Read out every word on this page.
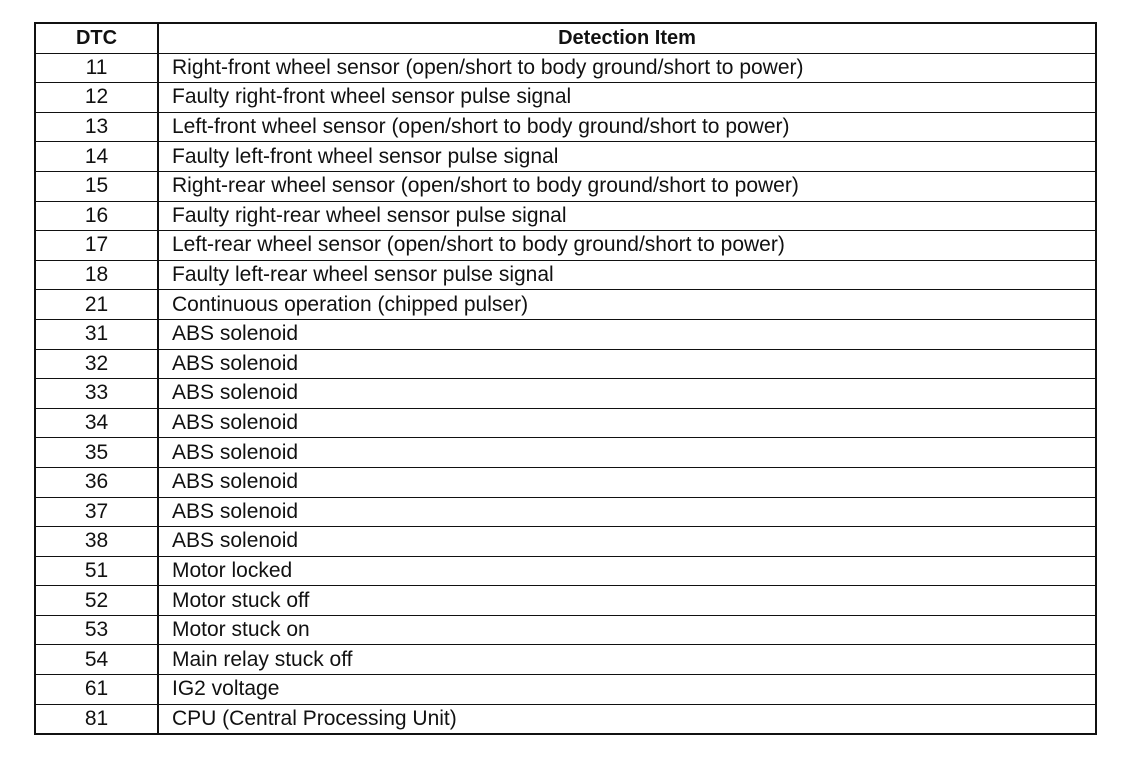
DTC	Detection Item
11	Right-front wheel sensor (open/short to body ground/short to power)
12	Faulty right-front wheel sensor pulse signal
13	Left-front wheel sensor (open/short to body ground/short to power)
14	Faulty left-front wheel sensor pulse signal
15	Right-rear wheel sensor (open/short to body ground/short to power)
16	Faulty right-rear wheel sensor pulse signal
17	Left-rear wheel sensor (open/short to body ground/short to power)
18	Faulty left-rear wheel sensor pulse signal
21	Continuous operation (chipped pulser)
31	ABS solenoid
32	ABS solenoid
33	ABS solenoid
34	ABS solenoid
35	ABS solenoid
36	ABS solenoid
37	ABS solenoid
38	ABS solenoid
51	Motor locked
52	Motor stuck off
53	Motor stuck on
54	Main relay stuck off
61	IG2 voltage
81	CPU (Central Processing Unit)
